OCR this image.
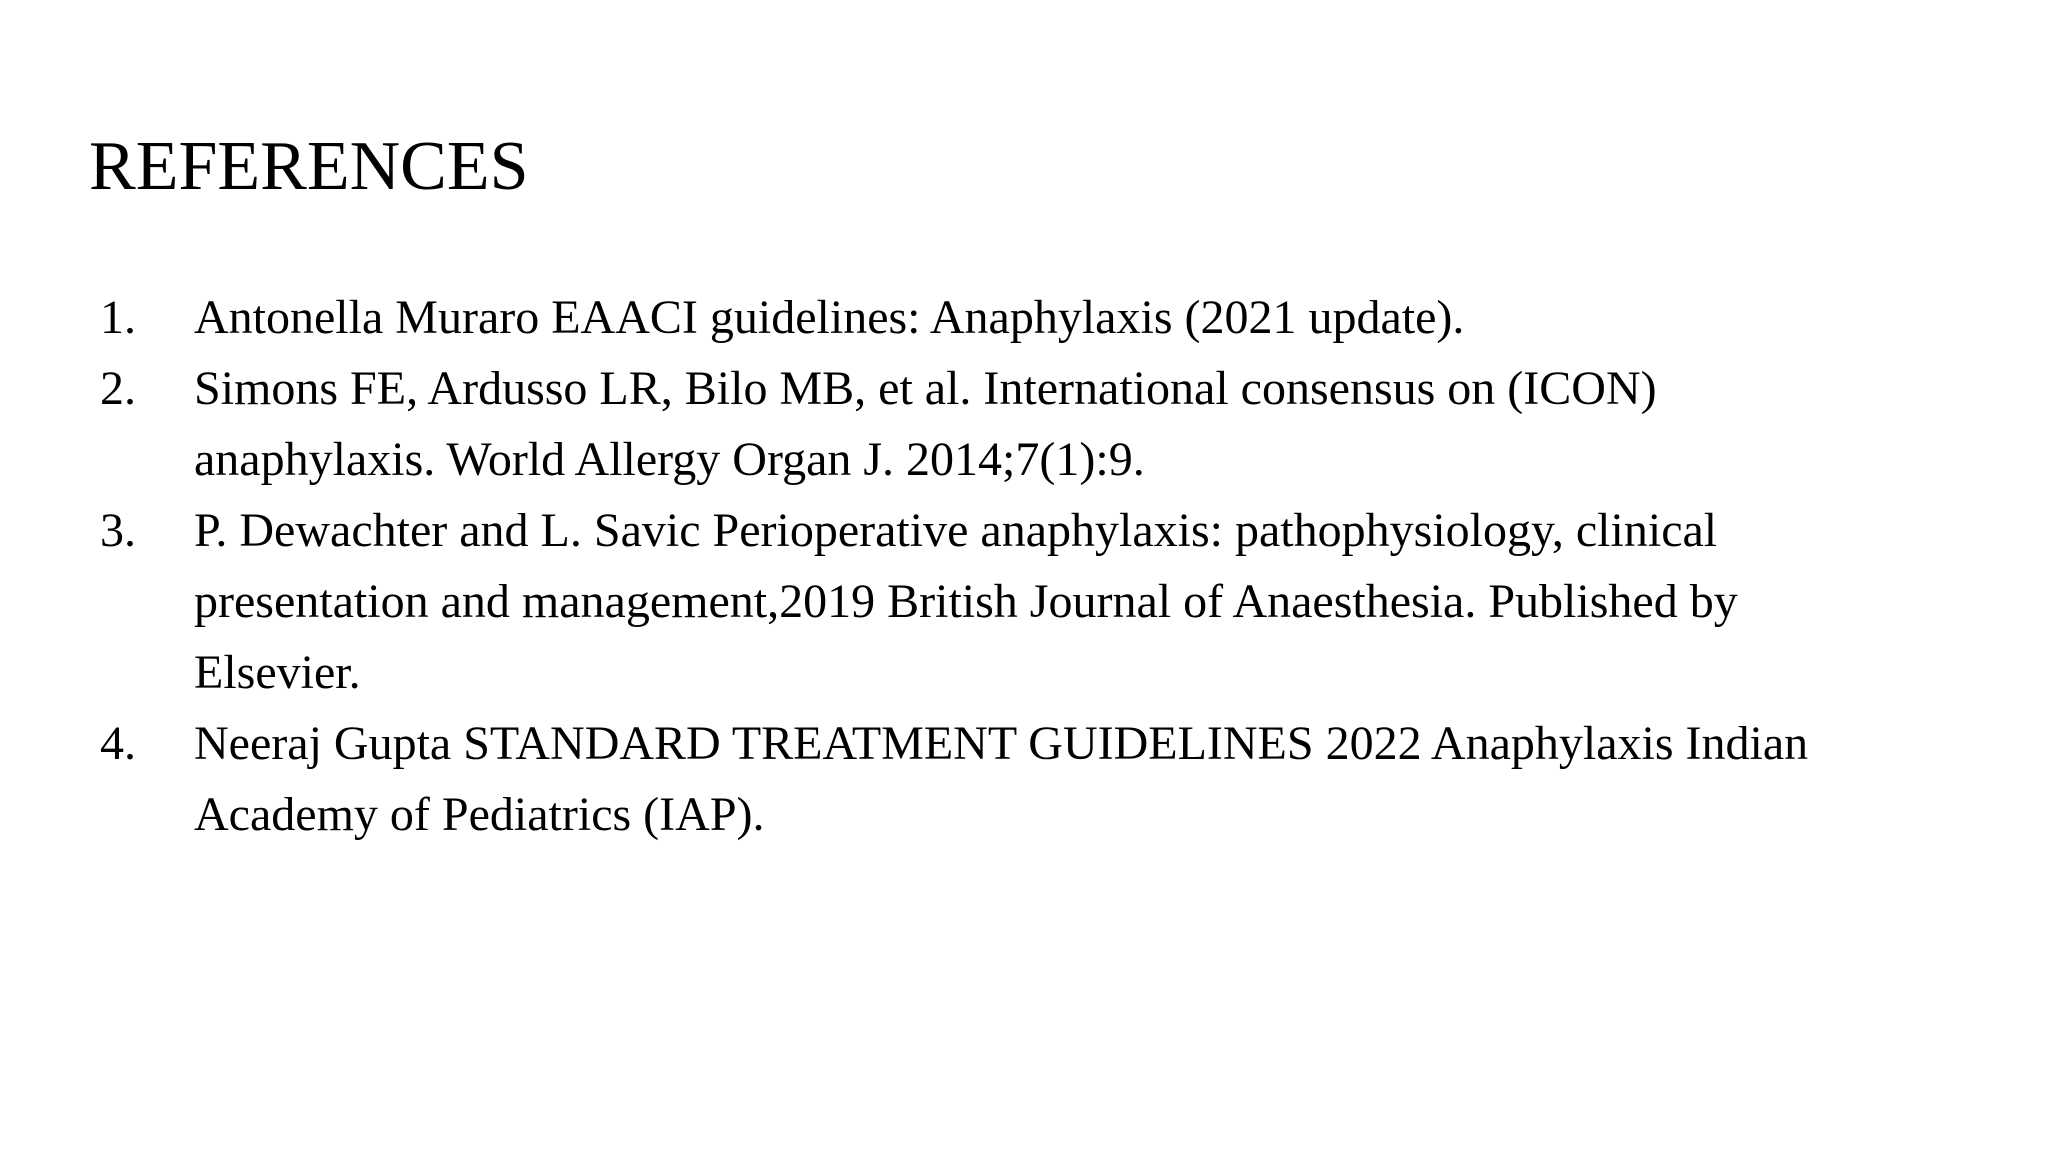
REFERENCES
1.	Antonella Muraro EAACI guidelines: Anaphylaxis (2021 update).
2.	Simons FE, Ardusso LR, Bilo MB, et al. International consensus on (ICON)
anaphylaxis. World Allergy Organ J. 2014;7(1):9.
3.	P. Dewachter and L. Savic Perioperative anaphylaxis: pathophysiology, clinical
presentation and management,2019 British Journal of Anaesthesia. Published by
Elsevier.
4.	Neeraj Gupta STANDARD TREATMENT GUIDELINES 2022 Anaphylaxis Indian
Academy of Pediatrics (IAP).
